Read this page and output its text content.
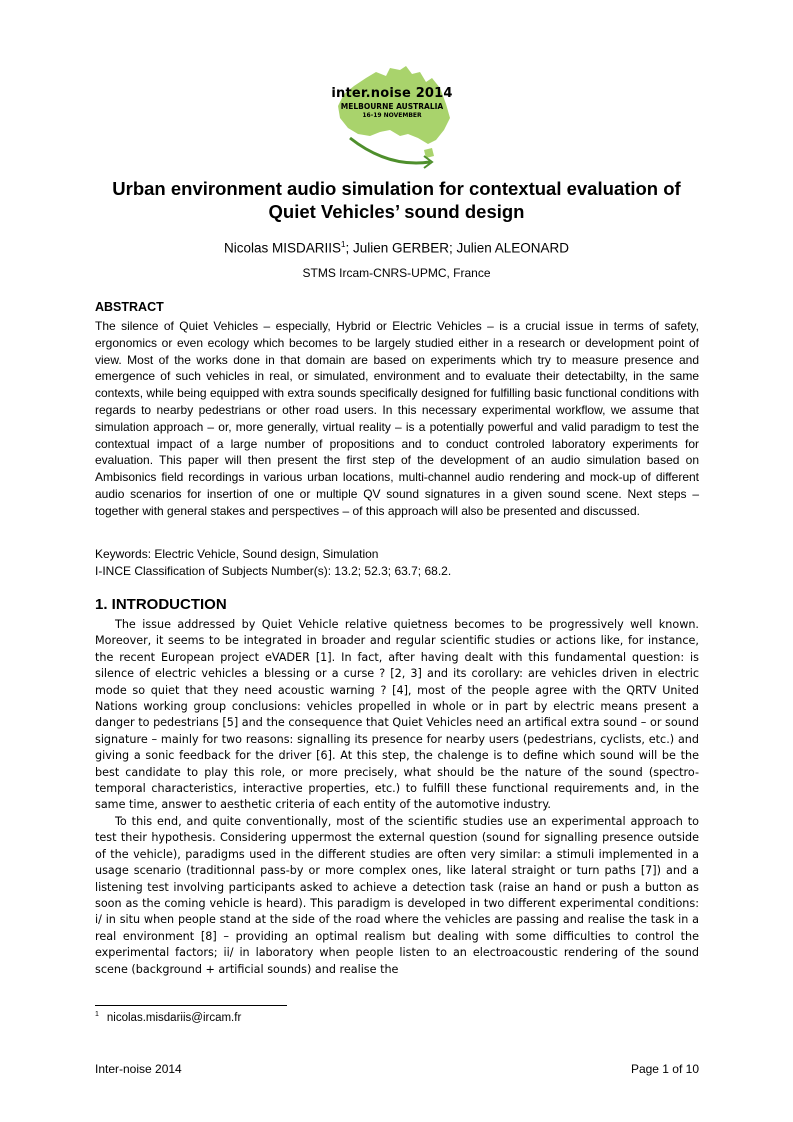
inter.noise 2014
MELBOURNE AUSTRALIA
16-19 NOVEMBER
Urban environment audio simulation for contextual evaluation of
Quiet Vehicles’ sound design
Nicolas MISDARIIS$^1$; Julien GERBER; Julien ALEONARD
STMS Ircam-CNRS-UPMC, France
ABSTRACT
The silence of Quiet Vehicles – especially, Hybrid or Electric Vehicles – is a crucial issue in terms of safety, ergonomics or even ecology which becomes to be largely studied either in a research or development point of view. Most of the works done in that domain are based on experiments which try to measure presence and emergence of such vehicles in real, or simulated, environment and to evaluate their detectabilty, in the same contexts, while being equipped with extra sounds specifically designed for fulfilling basic functional conditions with regards to nearby pedestrians or other road users. In this necessary experimental workflow, we assume that simulation approach – or, more generally, virtual reality – is a potentially powerful and valid paradigm to test the contextual impact of a large number of propositions and to conduct controled laboratory experiments for evaluation. This paper will then present the first step of the development of an audio simulation based on Ambisonics field recordings in various urban locations, multi-channel audio rendering and mock-up of different audio scenarios for insertion of one or multiple QV sound signatures in a given sound scene. Next steps – together with general stakes and perspectives – of this approach will also be presented and discussed.
Keywords: Electric Vehicle, Sound design, Simulation
I-INCE Classification of Subjects Number(s): 13.2; 52.3; 63.7; 68.2.
1. INTRODUCTION

The issue addressed by Quiet Vehicle relative quietness becomes to be progressively well known. Moreover, it seems to be integrated in broader and regular scientific studies or actions like, for instance, the recent European project eVADER [1]. In fact, after having dealt with this fundamental question: is silence of electric vehicles a blessing or a curse ? [2, 3] and its corollary: are vehicles driven in electric mode so quiet that they need acoustic warning ? [4], most of the people agree with the QRTV United Nations working group conclusions: vehicles propelled in whole or in part by electric means present a danger to pedestrians [5] and the consequence that Quiet Vehicles need an artifical extra sound – or sound signature – mainly for two reasons: signalling its presence for nearby users (pedestrians, cyclists, etc.) and giving a sonic feedback for the driver [6]. At this step, the chalenge is to define which sound will be the best candidate to play this role, or more precisely, what should be the nature of the sound (spectro-temporal characteristics, interactive properties, etc.) to fulfill these functional requirements and, in the same time, answer to aesthetic criteria of each entity of the automotive industry.

To this end, and quite conventionally, most of the scientific studies use an experimental approach to test their hypothesis. Considering uppermost the external question (sound for signalling presence outside of the vehicle), paradigms used in the different studies are often very similar: a stimuli implemented in a usage scenario (traditionnal pass-by or more complex ones, like lateral straight or turn paths [7]) and a listening test involving participants asked to achieve a detection task (raise an hand or push a button as soon as the coming vehicle is heard). This paradigm is developed in two different experimental conditions: i/ in situ when people stand at the side of the road where the vehicles are passing and realise the task in a real environment [8] – providing an optimal realism but dealing with some difficulties to control the experimental factors; ii/ in laboratory when people listen to an electroacoustic rendering of the sound scene (background + artificial sounds) and realise the

$^1$ nicolas.misdariis@ircam.fr
Inter-noise 2014	Page 1 of 10
